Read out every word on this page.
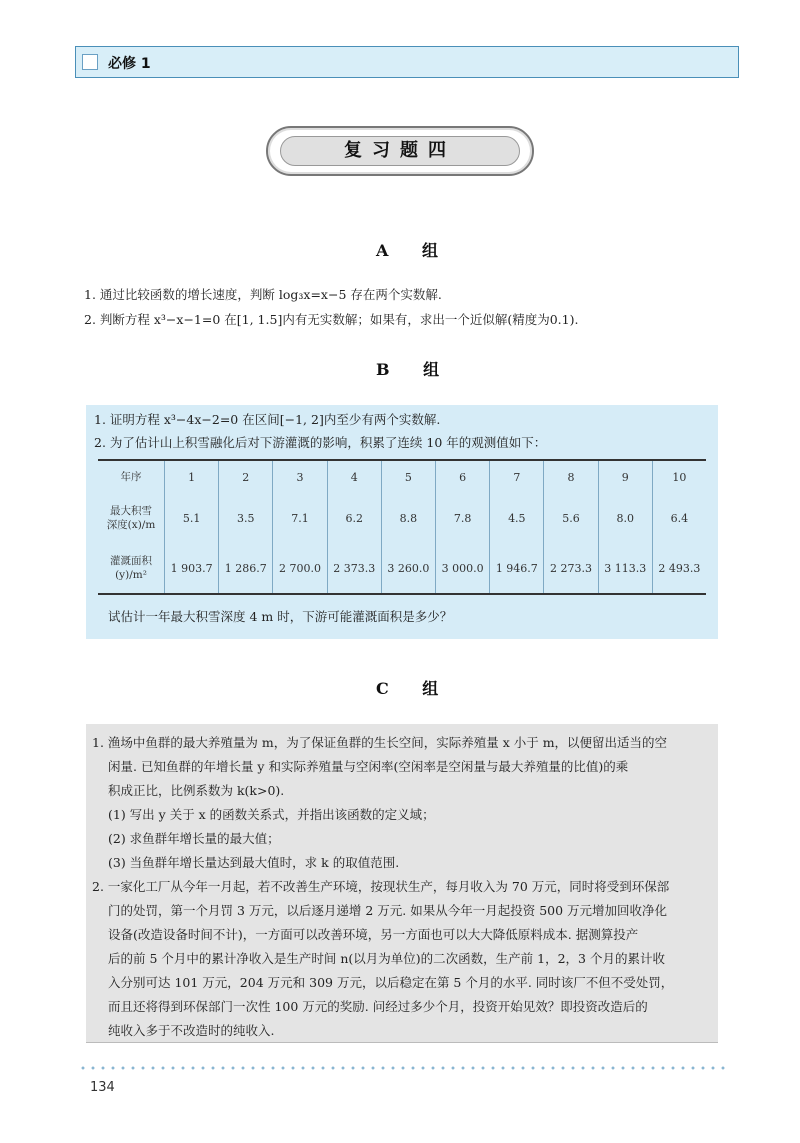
必修 1
复习题四
A 组
1. 通过比较函数的增长速度，判断 log₃x=x−5 存在两个实数解.
2. 判断方程 x³−x−1=0 在[1, 1.5]内有无实数解；如果有，求出一个近似解(精度为0.1).
B 组
1. 证明方程 x³−4x−2=0 在区间[−1, 2]内至少有两个实数解.
2. 为了估计山上积雪融化后对下游灌溉的影响，积累了连续 10 年的观测值如下：
年序	1	2	3	4	5	6	7	8	9	10
最大积雪
深度(x)/m	5.1	3.5	7.1	6.2	8.8	7.8	4.5	5.6	8.0	6.4
灌溉面积
(y)/m²	1 903.7	1 286.7	2 700.0	2 373.3	3 260.0	3 000.0	1 946.7	2 273.3	3 113.3	2 493.3
试估计一年最大积雪深度 4 m 时，下游可能灌溉面积是多少？
C 组
1. 渔场中鱼群的最大养殖量为 m，为了保证鱼群的生长空间，实际养殖量 x 小于 m，以便留出适当的空
闲量. 已知鱼群的年增长量 y 和实际养殖量与空闲率(空闲率是空闲量与最大养殖量的比值)的乘
积成正比，比例系数为 k(k>0).
(1) 写出 y 关于 x 的函数关系式，并指出该函数的定义域；
(2) 求鱼群年增长量的最大值；
(3) 当鱼群年增长量达到最大值时，求 k 的取值范围.
2. 一家化工厂从今年一月起，若不改善生产环境，按现状生产，每月收入为 70 万元，同时将受到环保部
门的处罚，第一个月罚 3 万元，以后逐月递增 2 万元. 如果从今年一月起投资 500 万元增加回收净化
设备(改造设备时间不计)，一方面可以改善环境，另一方面也可以大大降低原料成本. 据测算投产
后的前 5 个月中的累计净收入是生产时间 n(以月为单位)的二次函数，生产前 1，2，3 个月的累计收
入分别可达 101 万元，204 万元和 309 万元，以后稳定在第 5 个月的水平. 同时该厂不但不受处罚，
而且还将得到环保部门一次性 100 万元的奖励. 问经过多少个月，投资开始见效？即投资改造后的
纯收入多于不改造时的纯收入.
134
